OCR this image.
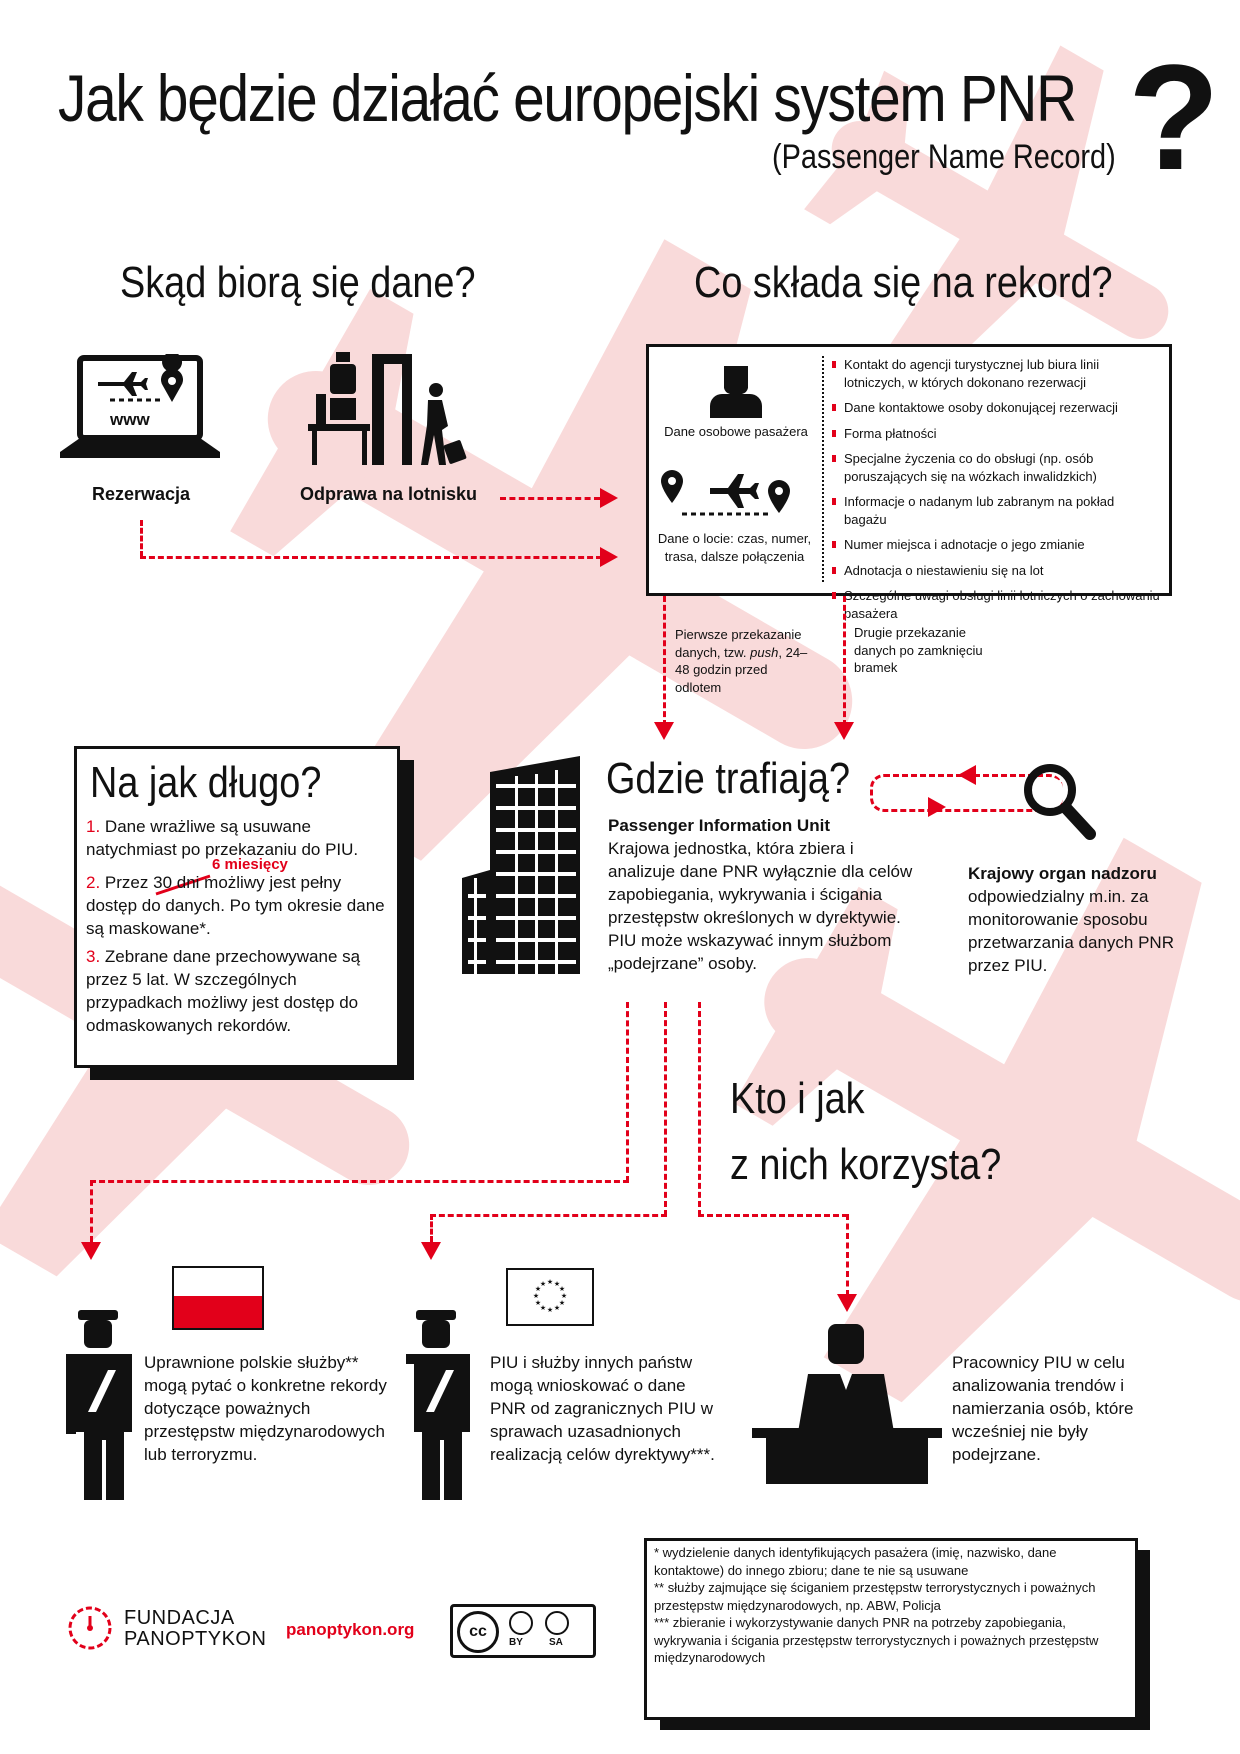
Jak będzie działać europejski system PNR
(Passenger Name Record) ?
Skąd biorą się dane?	Co składa się na rekord?
www
Rezerwacja	Odprawa na lotnisku
Dane osobowe pasażera
Dane o locie: czas, numer, trasa, dalsze połączenia
Kontakt do agencji turystycznej lub biura linii lotniczych, w których dokonano rezerwacji
Dane kontaktowe osoby dokonującej rezerwacji
Forma płatności
Specjalne życzenia co do obsługi (np. osób poruszających się na wózkach inwalidzkich)
Informacje o nadanym lub zabranym na pokład bagażu
Numer miejsca i adnotacje o jego zmianie
Adnotacja o niestawieniu się na lot
Szczególne uwagi obsługi linii lotniczych o zachowaniu pasażera
Pierwsze przekazanie danych, tzw. push, 24–48 godzin przed odlotem
Drugie przekazanie danych po zamknięciu bramek
Na jak długo?
1. Dane wrażliwe są usuwane natychmiast po przekazaniu do PIU.
6 miesięcy
2. Przez 30 dni możliwy jest pełny dostęp do danych. Po tym okresie dane są maskowane*.
3. Zebrane dane przechowywane są przez 5 lat. W szczególnych przypadkach możliwy jest dostęp do odmaskowanych rekordów.
Gdzie trafiają?
Passenger Information Unit
Krajowa jednostka, która zbiera i analizuje dane PNR wyłącznie dla celów zapobiegania, wykrywania i ścigania przestępstw określonych w dyrektywie. PIU może wskazywać innym służbom „podejrzane” osoby.
Krajowy organ nadzoru
odpowiedzialny m.in. za monitorowanie sposobu przetwarzania danych PNR przez PIU.
Kto i jak
z nich korzysta?
★ ★
★
★
★
★
★
★
★
★
★
★
Uprawnione polskie służby** mogą pytać o konkretne rekordy dotyczące poważnych przestępstw międzynarodowych lub terroryzmu.
PIU i służby innych państw mogą wnioskować o dane PNR od zagranicznych PIU w sprawach uzasadnionych realizacją celów dyrektywy***.
Pracownicy PIU w celu analizowania trendów i namierzania osób, które wcześniej nie były podejrzane.
* wydzielenie danych identyfikujących pasażera (imię, nazwisko, dane kontaktowe) do innego zbioru; dane te nie są usuwane
** służby zajmujące się ściganiem przestępstw terrorystycznych i poważnych przestępstw międzynarodowych, np. ABW, Policja
*** zbieranie i wykorzystywanie danych PNR na potrzeby zapobiegania, wykrywania i ścigania przestępstw terrorystycznych i poważnych przestępstw międzynarodowych
FUNDACJA
PANOPTYKON panoptykon.org	cc
BY	SA
